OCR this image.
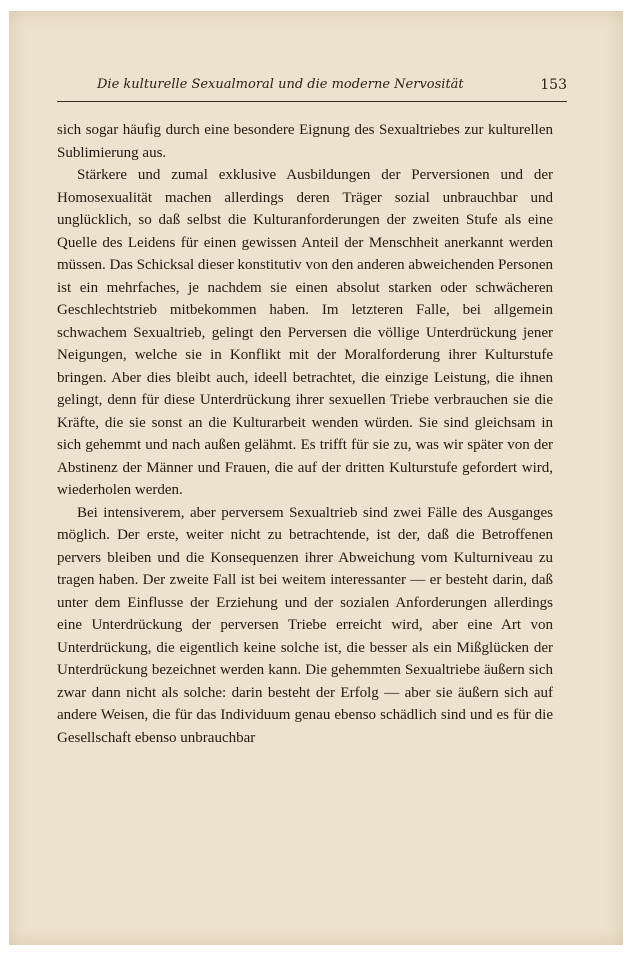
Die kulturelle Sexualmoral und die moderne Nervosität	153

sich sogar häufig durch eine besondere Eignung des Sexualtriebes zur kulturellen Sublimierung aus.

Stärkere und zumal exklusive Ausbildungen der Perversionen und der Homosexualität machen allerdings deren Träger sozial unbrauchbar und unglücklich, so daß selbst die Kulturanforderungen der zweiten Stufe als eine Quelle des Leidens für einen gewissen Anteil der Menschheit anerkannt werden müssen. Das Schicksal dieser konstitutiv von den anderen abweichenden Personen ist ein mehrfaches, je nachdem sie einen absolut starken oder schwächeren Geschlechtstrieb mitbekommen haben. Im letzteren Falle, bei allgemein schwachem Sexualtrieb, gelingt den Perversen die völlige Unterdrückung jener Neigungen, welche sie in Konflikt mit der Moralforderung ihrer Kulturstufe bringen. Aber dies bleibt auch, ideell betrachtet, die einzige Leistung, die ihnen gelingt, denn für diese Unterdrückung ihrer sexuellen Triebe verbrauchen sie die Kräfte, die sie sonst an die Kulturarbeit wenden würden. Sie sind gleichsam in sich gehemmt und nach außen gelähmt. Es trifft für sie zu, was wir später von der Abstinenz der Männer und Frauen, die auf der dritten Kulturstufe gefordert wird, wiederholen werden.

Bei intensiverem, aber perversem Sexualtrieb sind zwei Fälle des Ausganges möglich. Der erste, weiter nicht zu betrachtende, ist der, daß die Betroffenen pervers bleiben und die Konsequenzen ihrer Abweichung vom Kulturniveau zu tragen haben. Der zweite Fall ist bei weitem interessanter — er besteht darin, daß unter dem Einflusse der Erziehung und der sozialen Anforderungen allerdings eine Unterdrückung der perversen Triebe erreicht wird, aber eine Art von Unterdrückung, die eigentlich keine solche ist, die besser als ein Mißglücken der Unterdrückung bezeichnet werden kann. Die gehemmten Sexualtriebe äußern sich zwar dann nicht als solche: darin besteht der Erfolg — aber sie äußern sich auf andere Weisen, die für das Individuum genau ebenso schädlich sind und es für die Gesellschaft ebenso unbrauchbar
